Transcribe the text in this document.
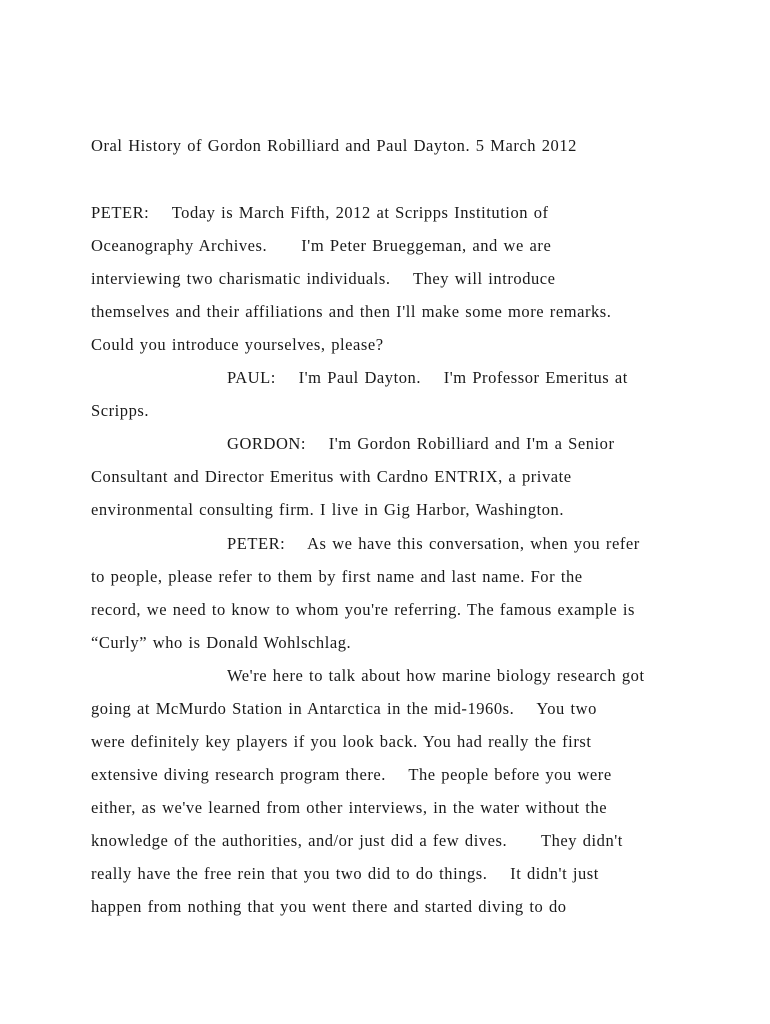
Oral History of Gordon Robilliard and Paul Dayton. 5 March 2012
PETER:    Today is March Fifth, 2012 at Scripps Institution of
Oceanography Archives.      I'm Peter Brueggeman, and we are
interviewing two charismatic individuals.    They will introduce
themselves and their affiliations and then I'll make some more remarks.
Could you introduce yourselves, please?
PAUL:    I'm Paul Dayton.    I'm Professor Emeritus at
Scripps.
GORDON:    I'm Gordon Robilliard and I'm a Senior
Consultant and Director Emeritus with Cardno ENTRIX, a private
environmental consulting firm. I live in Gig Harbor, Washington.
PETER:    As we have this conversation, when you refer
to people, please refer to them by first name and last name. For the
record, we need to know to whom you're referring. The famous example is
“Curly” who is Donald Wohlschlag.
We're here to talk about how marine biology research got
going at McMurdo Station in Antarctica in the mid-1960s.    You two
were definitely key players if you look back. You had really the first
extensive diving research program there.    The people before you were
either, as we've learned from other interviews, in the water without the
knowledge of the authorities, and/or just did a few dives.      They didn't
really have the free rein that you two did to do things.    It didn't just
happen from nothing that you went there and started diving to do
